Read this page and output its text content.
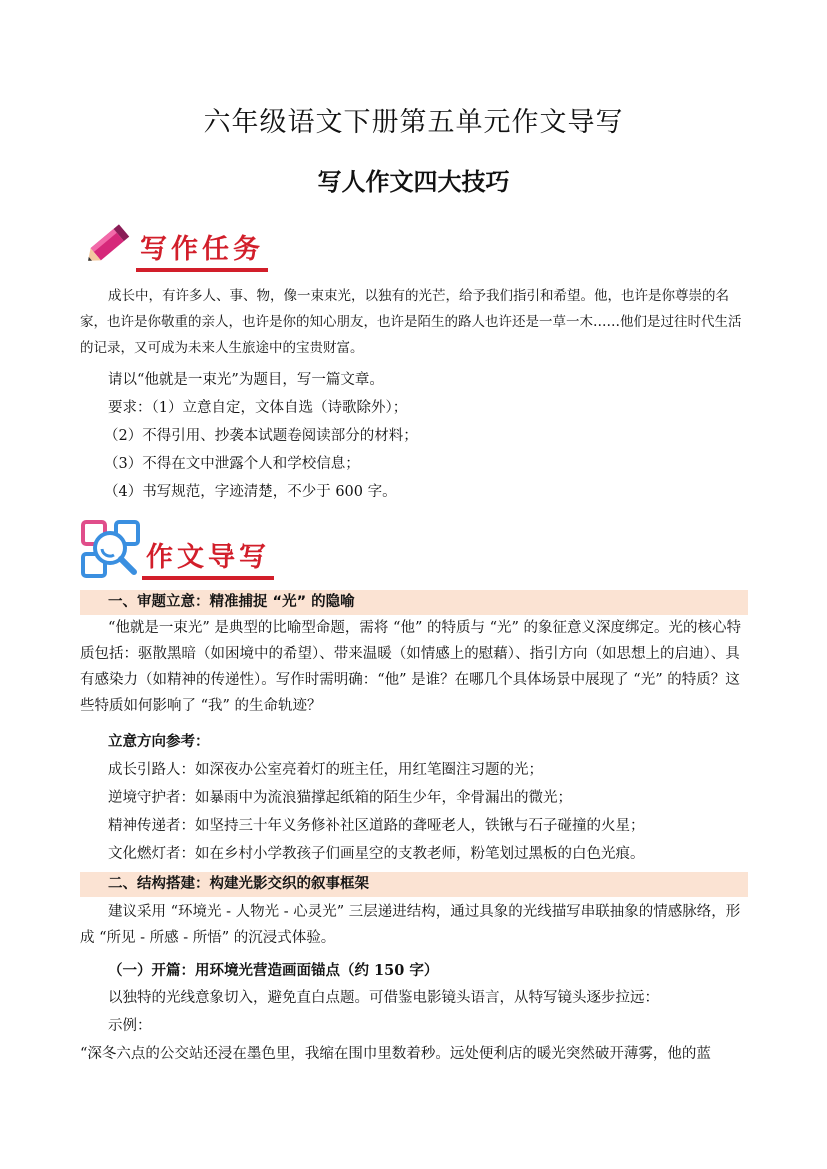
六年级语文下册第五单元作文导写
写人作文四大技巧
写作任务
成长中，有许多人、事、物，像一束束光，以独有的光芒，给予我们指引和希望。他，也许是你尊崇的名家，也许是你敬重的亲人，也许是你的知心朋友，也许是陌生的路人也许还是一草一木……他们是过往时代生活的记录，又可成为未来人生旅途中的宝贵财富。
请以“他就是一束光”为题目，写一篇文章。
要求：（1）立意自定，文体自选（诗歌除外）；
（2）不得引用、抄袭本试题卷阅读部分的材料；
（3）不得在文中泄露个人和学校信息；
（4）书写规范，字迹清楚，不少于 600 字。
作文导写
一、审题立意：精准捕捉 “光” 的隐喻
“他就是一束光” 是典型的比喻型命题，需将 “他” 的特质与 “光” 的象征意义深度绑定。光的核心特质包括：驱散黑暗（如困境中的希望）、带来温暖（如情感上的慰藉）、指引方向（如思想上的启迪）、具有感染力（如精神的传递性）。写作时需明确：“他” 是谁？在哪几个具体场景中展现了 “光” 的特质？这些特质如何影响了 “我” 的生命轨迹？
立意方向参考：
成长引路人：如深夜办公室亮着灯的班主任，用红笔圈注习题的光；
逆境守护者：如暴雨中为流浪猫撑起纸箱的陌生少年，伞骨漏出的微光；
精神传递者：如坚持三十年义务修补社区道路的聋哑老人，铁锹与石子碰撞的火星；
文化燃灯者：如在乡村小学教孩子们画星空的支教老师，粉笔划过黑板的白色光痕。
二、结构搭建：构建光影交织的叙事框架
建议采用 “环境光 - 人物光 - 心灵光” 三层递进结构，通过具象的光线描写串联抽象的情感脉络，形成 “所见 - 所感 - 所悟” 的沉浸式体验。
（一）开篇：用环境光营造画面锚点（约 150 字）
以独特的光线意象切入，避免直白点题。可借鉴电影镜头语言，从特写镜头逐步拉远：
示例：
“深冬六点的公交站还浸在墨色里，我缩在围巾里数着秒。远处便利店的暖光突然破开薄雾，他的蓝
